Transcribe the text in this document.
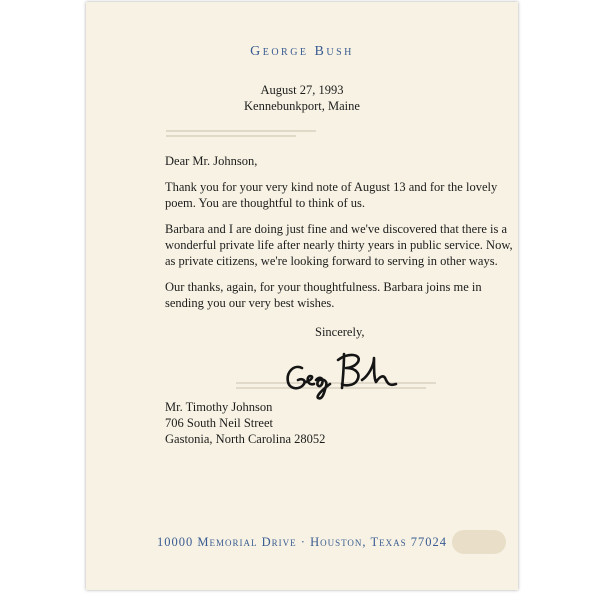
George Bush
August 27, 1993
Kennebunkport, Maine

Dear Mr. Johnson,

Thank you for your very kind note of August 13 and for the lovely poem. You are thoughtful to think of us.

Barbara and I are doing just fine and we've discovered that there is a wonderful private life after nearly thirty years in public service. Now, as private citizens, we're looking forward to serving in other ways.

Our thanks, again, for your thoughtfulness. Barbara joins me in sending you our very best wishes.

Sincerely,
Mr. Timothy Johnson
706 South Neil Street
Gastonia, North Carolina 28052
10000 Memorial Drive · Houston, Texas 77024
